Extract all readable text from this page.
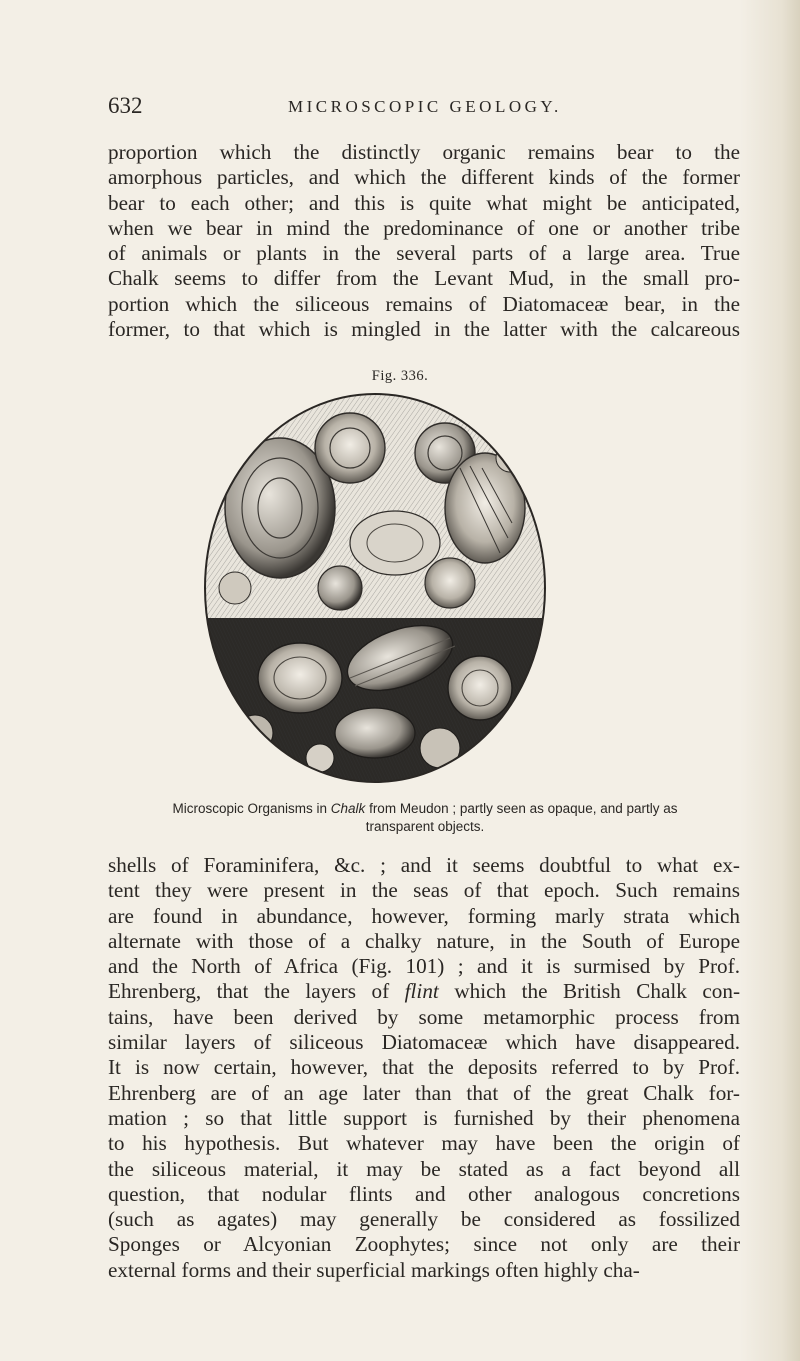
632	MICROSCOPIC GEOLOGY.
proportion which the distinctly organic remains bear to the
amorphous particles, and which the different kinds of the former
bear to each other; and this is quite what might be anticipated,
when we bear in mind the predominance of one or another tribe
of animals or plants in the several parts of a large area. True
Chalk seems to differ from the Levant Mud, in the small pro-
portion which the siliceous remains of Diatomaceæ bear, in the
former, to that which is mingled in the latter with the calcareous
Fig. 336.
Microscopic Organisms in Chalk from Meudon ; partly seen as opaque, and partly as
transparent objects.
shells of Foraminifera, &c. ; and it seems doubtful to what ex-
tent they were present in the seas of that epoch. Such remains
are found in abundance, however, forming marly strata which
alternate with those of a chalky nature, in the South of Europe
and the North of Africa (Fig. 101) ; and it is surmised by Prof.
Ehrenberg, that the layers of flint which the British Chalk con-
tains, have been derived by some metamorphic process from
similar layers of siliceous Diatomaceæ which have disappeared.
It is now certain, however, that the deposits referred to by Prof.
Ehrenberg are of an age later than that of the great Chalk for-
mation ; so that little support is furnished by their phenomena
to his hypothesis. But whatever may have been the origin of
the siliceous material, it may be stated as a fact beyond all
question, that nodular flints and other analogous concretions
(such as agates) may generally be considered as fossilized
Sponges or Alcyonian Zoophytes; since not only are their
external forms and their superficial markings often highly cha-
